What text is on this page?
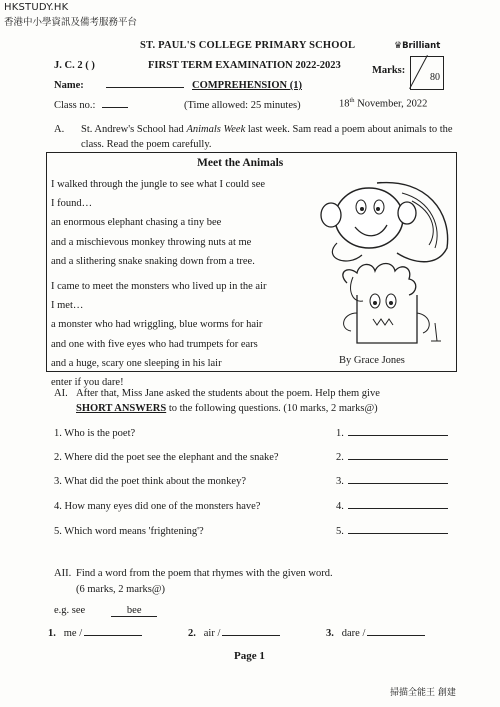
HKSTUDY.HK
香港中小學資訊及備考服務平台
ST. PAUL'S COLLEGE PRIMARY SCHOOL	♛Brilliant
J. C. 2 ( )	FIRST TERM EXAMINATION 2022-2023	Marks:
80
Name:	COMPREHENSION (1)
Class no.:	(Time allowed: 25 minutes)	18th November, 2022
A. St. Andrew's School had Animals Week last week. Sam read a poem about animals to the class. Read the poem carefully.
Meet the Animals
I walked through the jungle to see what I could see
I found…
an enormous elephant chasing a tiny bee
and a mischievous monkey throwing nuts at me
and a slithering snake snaking down from a tree.
I came to meet the monsters who lived up in the air
I met…
a monster who had wriggling, blue worms for hair
and one with five eyes who had trumpets for ears
and a huge, scary one sleeping in his lair
enter if you dare!
By Grace Jones
AI. After that, Miss Jane asked the students about the poem. Help them give
SHORT ANSWERS to the following questions. (10 marks, 2 marks@)
1. Who is the poet?	1.
2. Where did the poet see the elephant and the snake?	2.
3. What did the poet think about the monkey?	3.
4. How many eyes did one of the monsters have?	4.
5. Which word means 'frightening'?	5.
AII. Find a word from the poem that rhymes with the given word.
(6 marks, 2 marks@)
e.g. see	bee
1. me /	2. air /	3. dare /
Page 1
掃描全能王 創建
